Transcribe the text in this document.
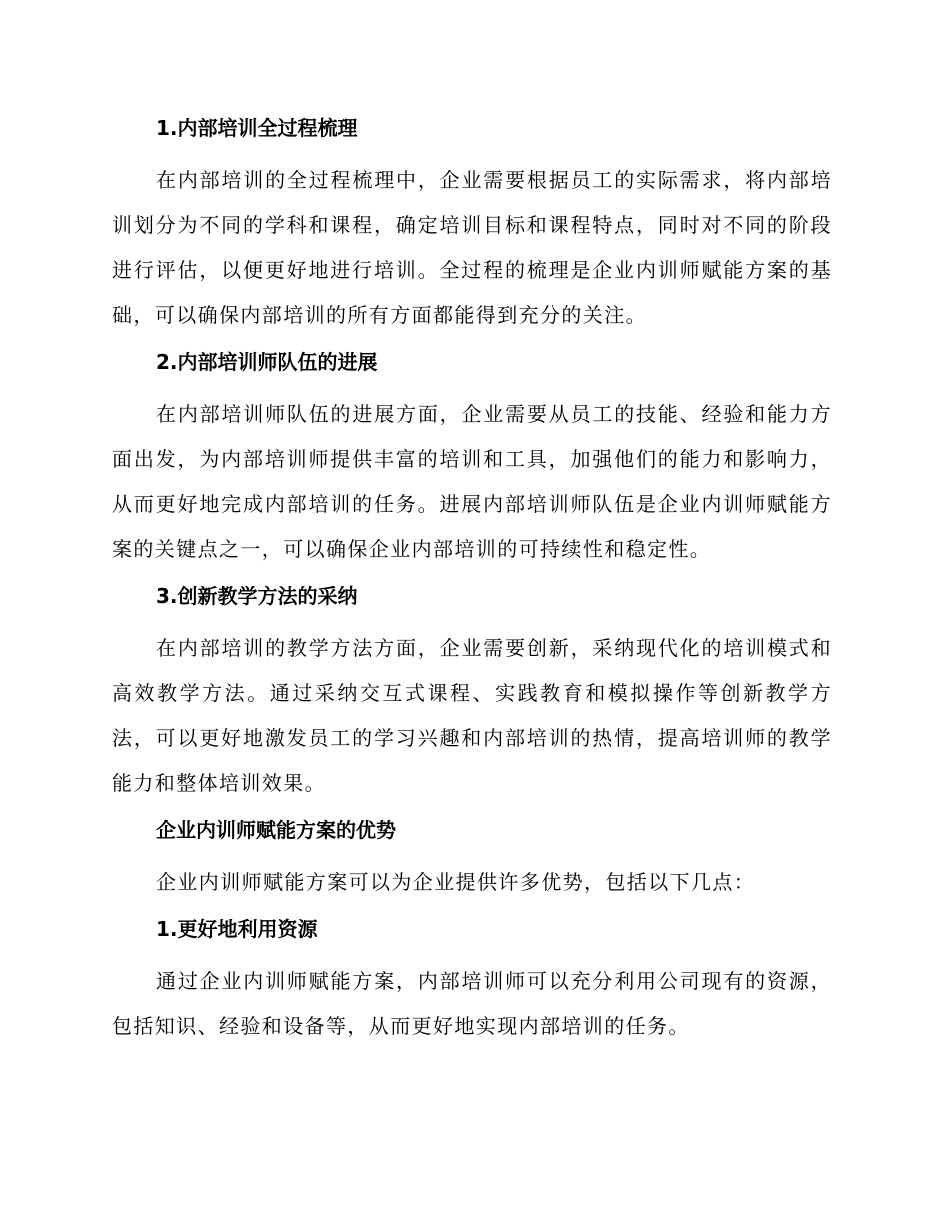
1.内部培训全过程梳理

在内部培训的全过程梳理中，企业需要根据员工的实际需求，将内部培训划分为不同的学科和课程，确定培训目标和课程特点，同时对不同的阶段进行评估，以便更好地进行培训。全过程的梳理是企业内训师赋能方案的基础，可以确保内部培训的所有方面都能得到充分的关注。

2.内部培训师队伍的进展

在内部培训师队伍的进展方面，企业需要从员工的技能、经验和能力方面出发，为内部培训师提供丰富的培训和工具，加强他们的能力和影响力，从而更好地完成内部培训的任务。进展内部培训师队伍是企业内训师赋能方案的关键点之一，可以确保企业内部培训的可持续性和稳定性。

3.创新教学方法的采纳

在内部培训的教学方法方面，企业需要创新，采纳现代化的培训模式和高效教学方法。通过采纳交互式课程、实践教育和模拟操作等创新教学方法，可以更好地激发员工的学习兴趣和内部培训的热情，提高培训师的教学能力和整体培训效果。

企业内训师赋能方案的优势

企业内训师赋能方案可以为企业提供许多优势，包括以下几点：

1.更好地利用资源

通过企业内训师赋能方案，内部培训师可以充分利用公司现有的资源，包括知识、经验和设备等，从而更好地实现内部培训的任务。
